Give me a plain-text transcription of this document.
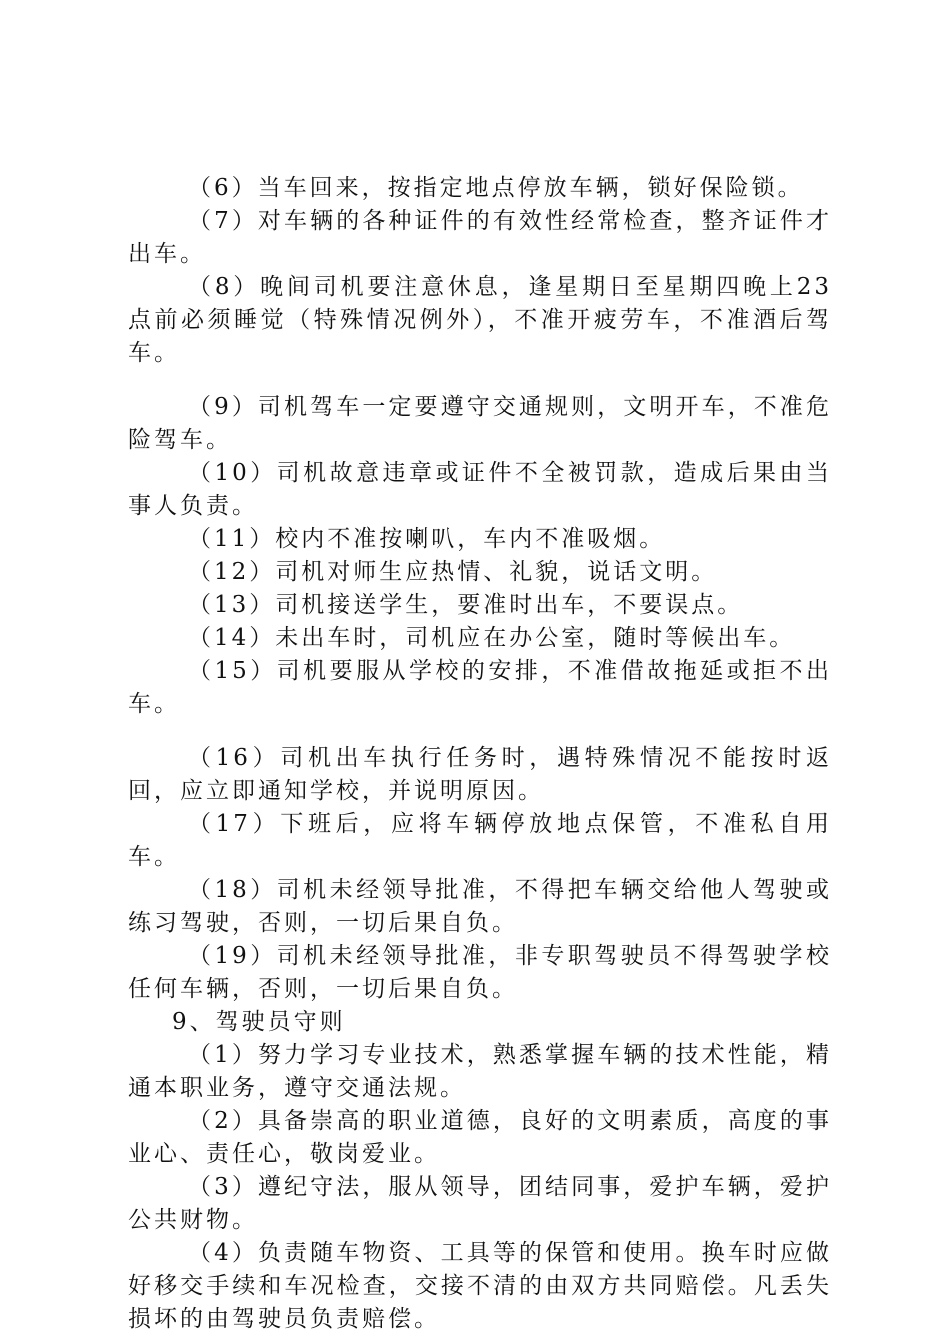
（6）当车回来，按指定地点停放车辆，锁好保险锁。

（7）对车辆的各种证件的有效性经常检查，整齐证件才出车。

（8）晚间司机要注意休息，逢星期日至星期四晚上23点前必须睡觉（特殊情况例外），不准开疲劳车，不准酒后驾车。

（9）司机驾车一定要遵守交通规则，文明开车，不准危险驾车。

（10）司机故意违章或证件不全被罚款，造成后果由当事人负责。

（11）校内不准按喇叭，车内不准吸烟。

（12）司机对师生应热情、礼貌，说话文明。

（13）司机接送学生，要准时出车，不要误点。

（14）未出车时，司机应在办公室，随时等候出车。

（15）司机要服从学校的安排，不准借故拖延或拒不出车。

（16）司机出车执行任务时，遇特殊情况不能按时返回，应立即通知学校，并说明原因。

（17）下班后，应将车辆停放地点保管，不准私自用车。

（18）司机未经领导批准，不得把车辆交给他人驾驶或练习驾驶，否则，一切后果自负。

（19）司机未经领导批准，非专职驾驶员不得驾驶学校任何车辆，否则，一切后果自负。

9、驾驶员守则

（1）努力学习专业技术，熟悉掌握车辆的技术性能，精通本职业务，遵守交通法规。

（2）具备崇高的职业道德，良好的文明素质，高度的事业心、责任心，敬岗爱业。

（3）遵纪守法，服从领导，团结同事，爱护车辆，爱护公共财物。

（4）负责随车物资、工具等的保管和使用。换车时应做好移交手续和车况检查，交接不清的由双方共同赔偿。凡丢失损坏的由驾驶员负责赔偿。
